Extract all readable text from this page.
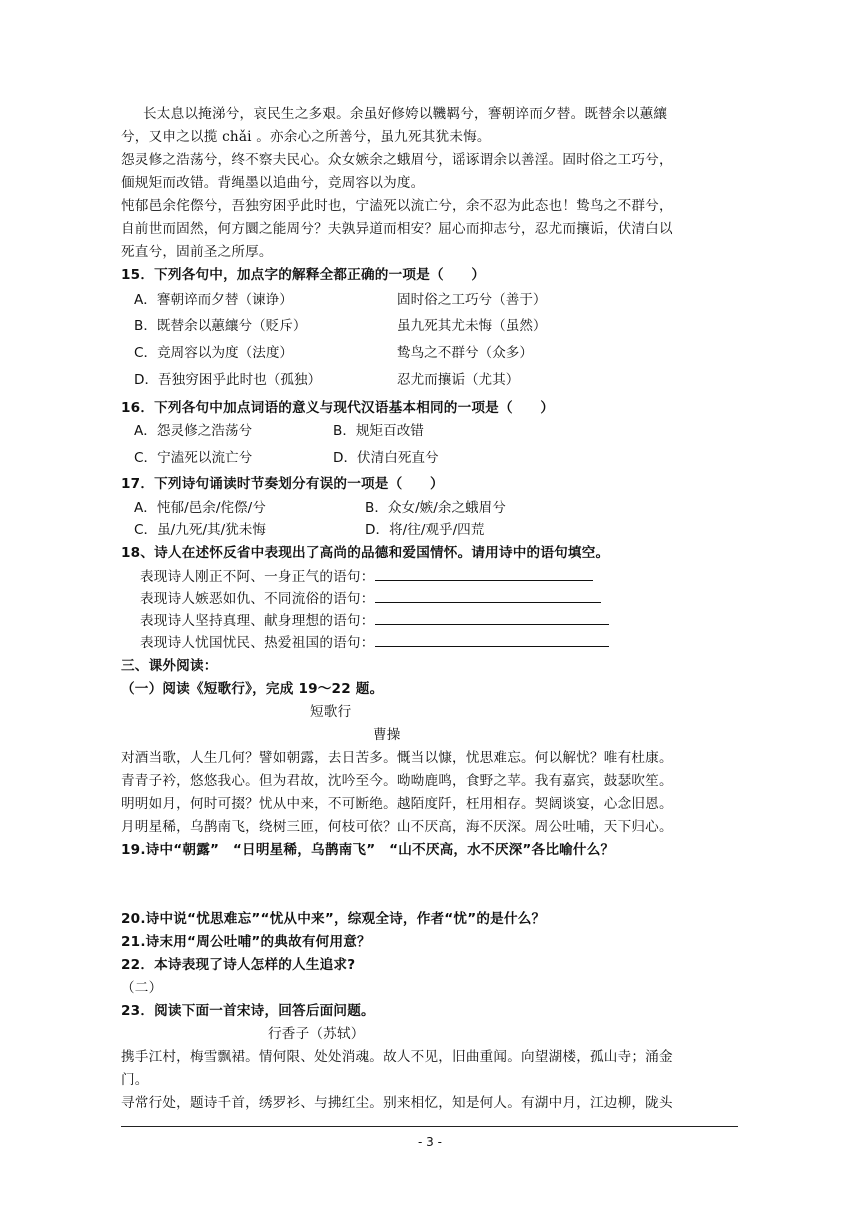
长太息以掩涕兮，哀民生之多艰。余虽好修姱以鞿羁兮，謇朝谇而夕替。既替余以蕙纕
兮，又申之以揽 chǎi 。亦余心之所善兮，虽九死其犹未悔。
怨灵修之浩荡兮，终不察夫民心。众女嫉余之蛾眉兮，谣诼谓余以善淫。固时俗之工巧兮，
偭规矩而改错。背绳墨以追曲兮，竞周容以为度。
忳郁邑余侘傺兮，吾独穷困乎此时也，宁溘死以流亡兮，余不忍为此态也！鸷鸟之不群兮，
自前世而固然，何方圜之能周兮？夫孰异道而相安？屈心而抑志兮，忍尤而攘诟，伏清白以
死直兮，固前圣之所厚。
15．下列各句中，加点字的解释全都正确的一项是（　　）
A．謇朝谇而夕替（谏诤）	固时俗之工巧兮（善于）
B．既替余以蕙纕兮（贬斥）	虽九死其尤未悔（虽然）
C．竞周容以为度（法度）	鸷鸟之不群兮（众多）
D．吾独穷困乎此时也（孤独）	忍尤而攘诟（尤其）
16．下列各句中加点词语的意义与现代汉语基本相同的一项是（　　）
A．怨灵修之浩荡兮	B．规矩百改错
C．宁溘死以流亡兮	D．伏清白死直兮
17．下列诗句诵读时节奏划分有误的一项是（　　）
A．忳郁/邑余/侘傺/兮	B．众女/嫉/余之蛾眉兮
C．虽/九死/其/犹未悔	D．将/往/观乎/四荒
18、诗人在述怀反省中表现出了高尚的品德和爱国情怀。请用诗中的语句填空。
表现诗人刚正不阿、一身正气的语句：
表现诗人嫉恶如仇、不同流俗的语句：
表现诗人坚持真理、献身理想的语句：
表现诗人忧国忧民、热爱祖国的语句：
三、课外阅读：
（一）阅读《短歌行》，完成 19～22 题。
短歌行
曹操
对酒当歌，人生几何？譬如朝露，去日苦多。慨当以慷，忧思难忘。何以解忧？唯有杜康。
青青子衿，悠悠我心。但为君故，沈吟至今。呦呦鹿鸣，食野之苹。我有嘉宾，鼓瑟吹笙。
明明如月，何时可掇？忧从中来，不可断绝。越陌度阡，枉用相存。契阔谈宴，心念旧恩。
月明星稀，乌鹊南飞，绕树三匝，何枝可依？山不厌高，海不厌深。周公吐哺，天下归心。
19.诗中“朝露”　“日明星稀，乌鹊南飞”　“山不厌高，水不厌深”各比喻什么？
20.诗中说“忧思难忘”“忧从中来”，综观全诗，作者“忧”的是什么？
21.诗末用“周公吐哺”的典故有何用意？
22．本诗表现了诗人怎样的人生追求?
（二）
23．阅读下面一首宋诗，回答后面问题。
行香子（苏轼）
携手江村，梅雪飘裙。情何限、处处消魂。故人不见，旧曲重闻。向望湖楼，孤山寺；涌金
门。
寻常行处，题诗千首，绣罗衫、与拂红尘。别来相忆，知是何人。有湖中月，江边柳，陇头
- 3 -
